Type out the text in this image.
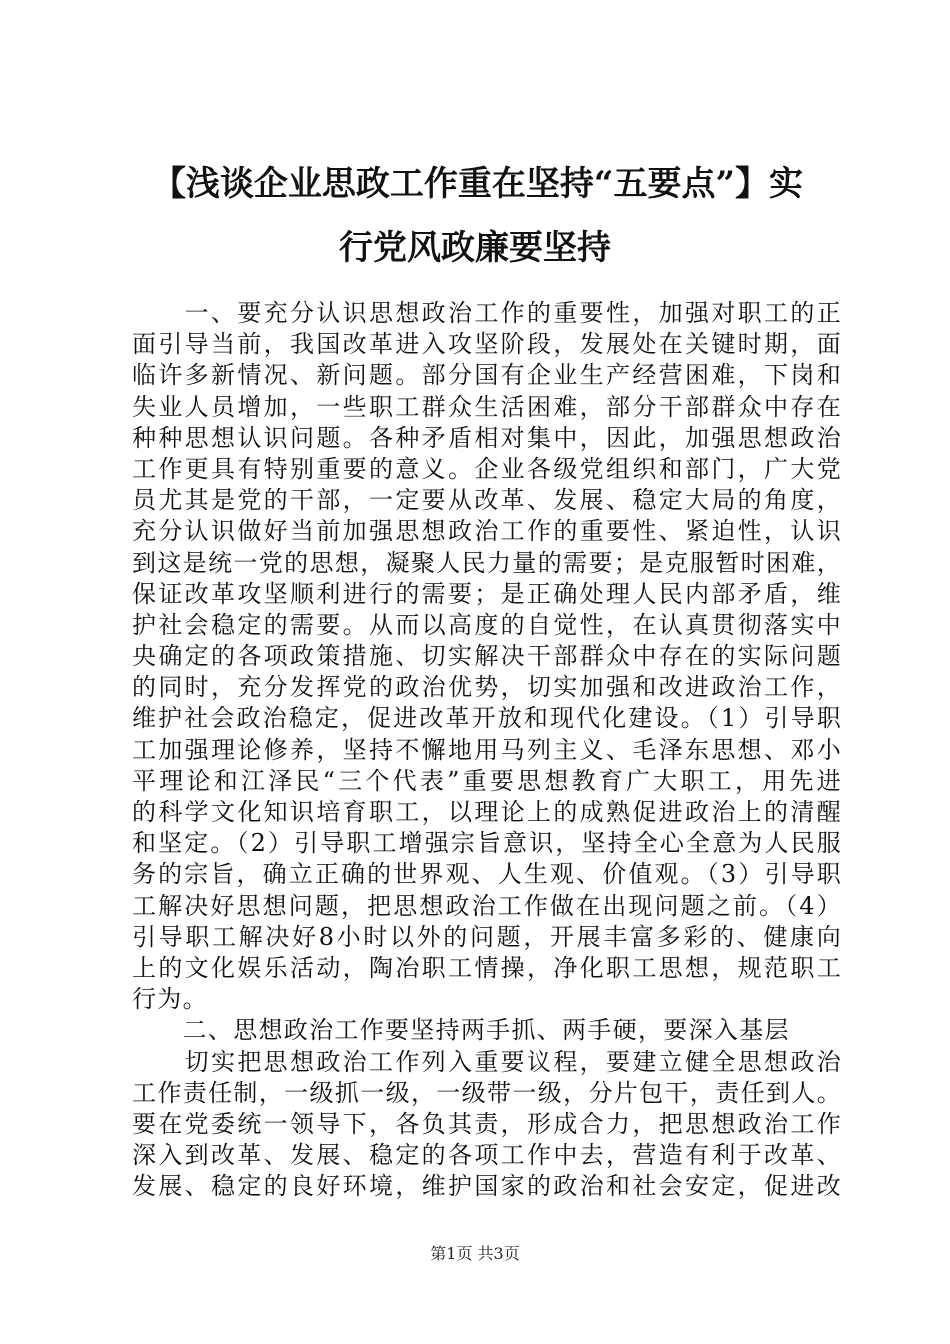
【浅谈企业思政工作重在坚持“五要点”】实
行党风政廉要坚持
　　一、要充分认识思想政治工作的重要性，加强对职工的正
面引导当前，我国改革进入攻坚阶段，发展处在关键时期，面
临许多新情况、新问题。部分国有企业生产经营困难，下岗和
失业人员增加，一些职工群众生活困难，部分干部群众中存在
种种思想认识问题。各种矛盾相对集中，因此，加强思想政治
工作更具有特别重要的意义。企业各级党组织和部门，广大党
员尤其是党的干部，一定要从改革、发展、稳定大局的角度，
充分认识做好当前加强思想政治工作的重要性、紧迫性，认识
到这是统一党的思想，凝聚人民力量的需要；是克服暂时困难，
保证改革攻坚顺利进行的需要；是正确处理人民内部矛盾，维
护社会稳定的需要。从而以高度的自觉性，在认真贯彻落实中
央确定的各项政策措施、切实解决干部群众中存在的实际问题
的同时，充分发挥党的政治优势，切实加强和改进政治工作，
维护社会政治稳定，促进改革开放和现代化建设。（1）引导职
工加强理论修养，坚持不懈地用马列主义、毛泽东思想、邓小
平理论和江泽民“三个代表”重要思想教育广大职工，用先进
的科学文化知识培育职工，以理论上的成熟促进政治上的清醒
和坚定。（2）引导职工增强宗旨意识，坚持全心全意为人民服
务的宗旨，确立正确的世界观、人生观、价值观。（3）引导职
工解决好思想问题，把思想政治工作做在出现问题之前。（4）
引导职工解决好8小时以外的问题，开展丰富多彩的、健康向
上的文化娱乐活动，陶冶职工情操，净化职工思想，规范职工
行为。
　　二、思想政治工作要坚持两手抓、两手硬，要深入基层
　　切实把思想政治工作列入重要议程，要建立健全思想政治
工作责任制，一级抓一级，一级带一级，分片包干，责任到人。
要在党委统一领导下，各负其责，形成合力，把思想政治工作
深入到改革、发展、稳定的各项工作中去，营造有利于改革、
发展、稳定的良好环境，维护国家的政治和社会安定，促进改
第1页 共3页
